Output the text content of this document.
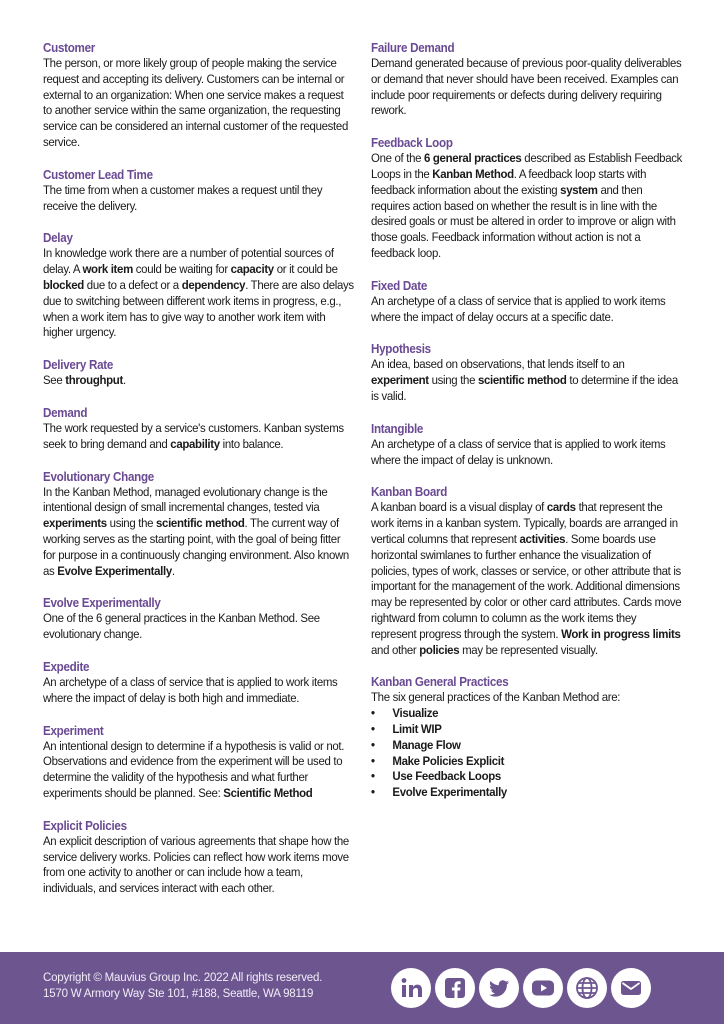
Customer
The person, or more likely group of people making the service request and accepting its delivery. Customers can be internal or external to an organization: When one service makes a request to another service within the same organization, the requesting service can be considered an internal customer of the requested service.
Customer Lead Time
The time from when a customer makes a request until they receive the delivery.
Delay
In knowledge work there are a number of potential sources of delay. A work item could be waiting for capacity or it could be blocked due to a defect or a dependency. There are also delays due to switching between different work items in progress, e.g., when a work item has to give way to another work item with higher urgency.
Delivery Rate
See throughput.
Demand
The work requested by a service's customers. Kanban systems seek to bring demand and capability into balance.
Evolutionary Change
In the Kanban Method, managed evolutionary change is the intentional design of small incremental changes, tested via experiments using the scientific method. The current way of working serves as the starting point, with the goal of being fitter for purpose in a continuously changing environment. Also known as Evolve Experimentally.
Evolve Experimentally
One of the 6 general practices in the Kanban Method. See evolutionary change.
Expedite
An archetype of a class of service that is applied to work items where the impact of delay is both high and immediate.
Experiment
An intentional design to determine if a hypothesis is valid or not. Observations and evidence from the experiment will be used to determine the validity of the hypothesis and what further experiments should be planned. See: Scientific Method
Explicit Policies
An explicit description of various agreements that shape how the service delivery works. Policies can reflect how work items move from one activity to another or can include how a team, individuals, and services interact with each other.
Failure Demand
Demand generated because of previous poor-quality deliverables or demand that never should have been received. Examples can include poor requirements or defects during delivery requiring rework.
Feedback Loop
One of the 6 general practices described as Establish Feedback Loops in the Kanban Method. A feedback loop starts with feedback information about the existing system and then requires action based on whether the result is in line with the desired goals or must be altered in order to improve or align with those goals. Feedback information without action is not a feedback loop.
Fixed Date
An archetype of a class of service that is applied to work items where the impact of delay occurs at a specific date.
Hypothesis
An idea, based on observations, that lends itself to an experiment using the scientific method to determine if the idea is valid.
Intangible
An archetype of a class of service that is applied to work items where the impact of delay is unknown.
Kanban Board
A kanban board is a visual display of cards that represent the work items in a kanban system. Typically, boards are arranged in vertical columns that represent activities. Some boards use horizontal swimlanes to further enhance the visualization of policies, types of work, classes or service, or other attribute that is important for the management of the work. Additional dimensions may be represented by color or other card attributes. Cards move rightward from column to column as the work items they represent progress through the system. Work in progress limits and other policies may be represented visually.
Kanban General Practices
The six general practices of the Kanban Method are:
• Visualize
• Limit WIP
• Manage Flow
• Make Policies Explicit
• Use Feedback Loops
• Evolve Experimentally
Copyright © Mauvius Group Inc. 2022 All rights reserved.
1570 W Armory Way Ste 101, #188, Seattle, WA 98119
